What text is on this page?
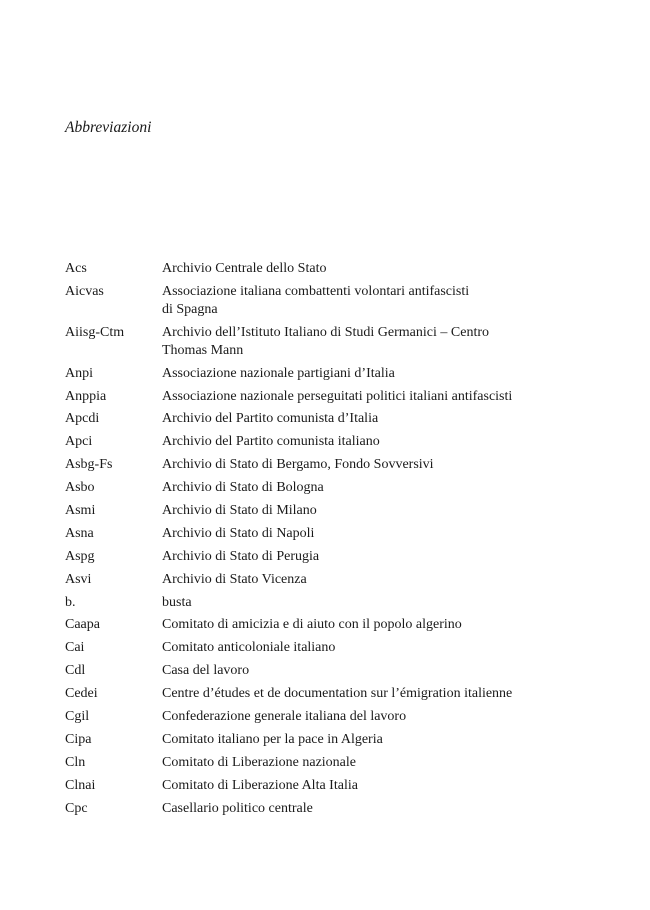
Abbreviazioni
Acs	Archivio Centrale dello Stato
Aicvas	Associazione italiana combattenti volontari antifascisti
di Spagna
Aiisg-Ctm	Archivio dell’Istituto Italiano di Studi Germanici – Centro
Thomas Mann
Anpi	Associazione nazionale partigiani d’Italia
Anppia	Associazione nazionale perseguitati politici italiani antifascisti
Apcdi	Archivio del Partito comunista d’Italia
Apci	Archivio del Partito comunista italiano
Asbg-Fs	Archivio di Stato di Bergamo, Fondo Sovversivi
Asbo	Archivio di Stato di Bologna
Asmi	Archivio di Stato di Milano
Asna	Archivio di Stato di Napoli
Aspg	Archivio di Stato di Perugia
Asvi	Archivio di Stato Vicenza
b.	busta
Caapa	Comitato di amicizia e di aiuto con il popolo algerino
Cai	Comitato anticoloniale italiano
Cdl	Casa del lavoro
Cedei	Centre d’études et de documentation sur l’émigration italienne
Cgil	Confederazione generale italiana del lavoro
Cipa	Comitato italiano per la pace in Algeria
Cln	Comitato di Liberazione nazionale
Clnai	Comitato di Liberazione Alta Italia
Cpc	Casellario politico centrale
